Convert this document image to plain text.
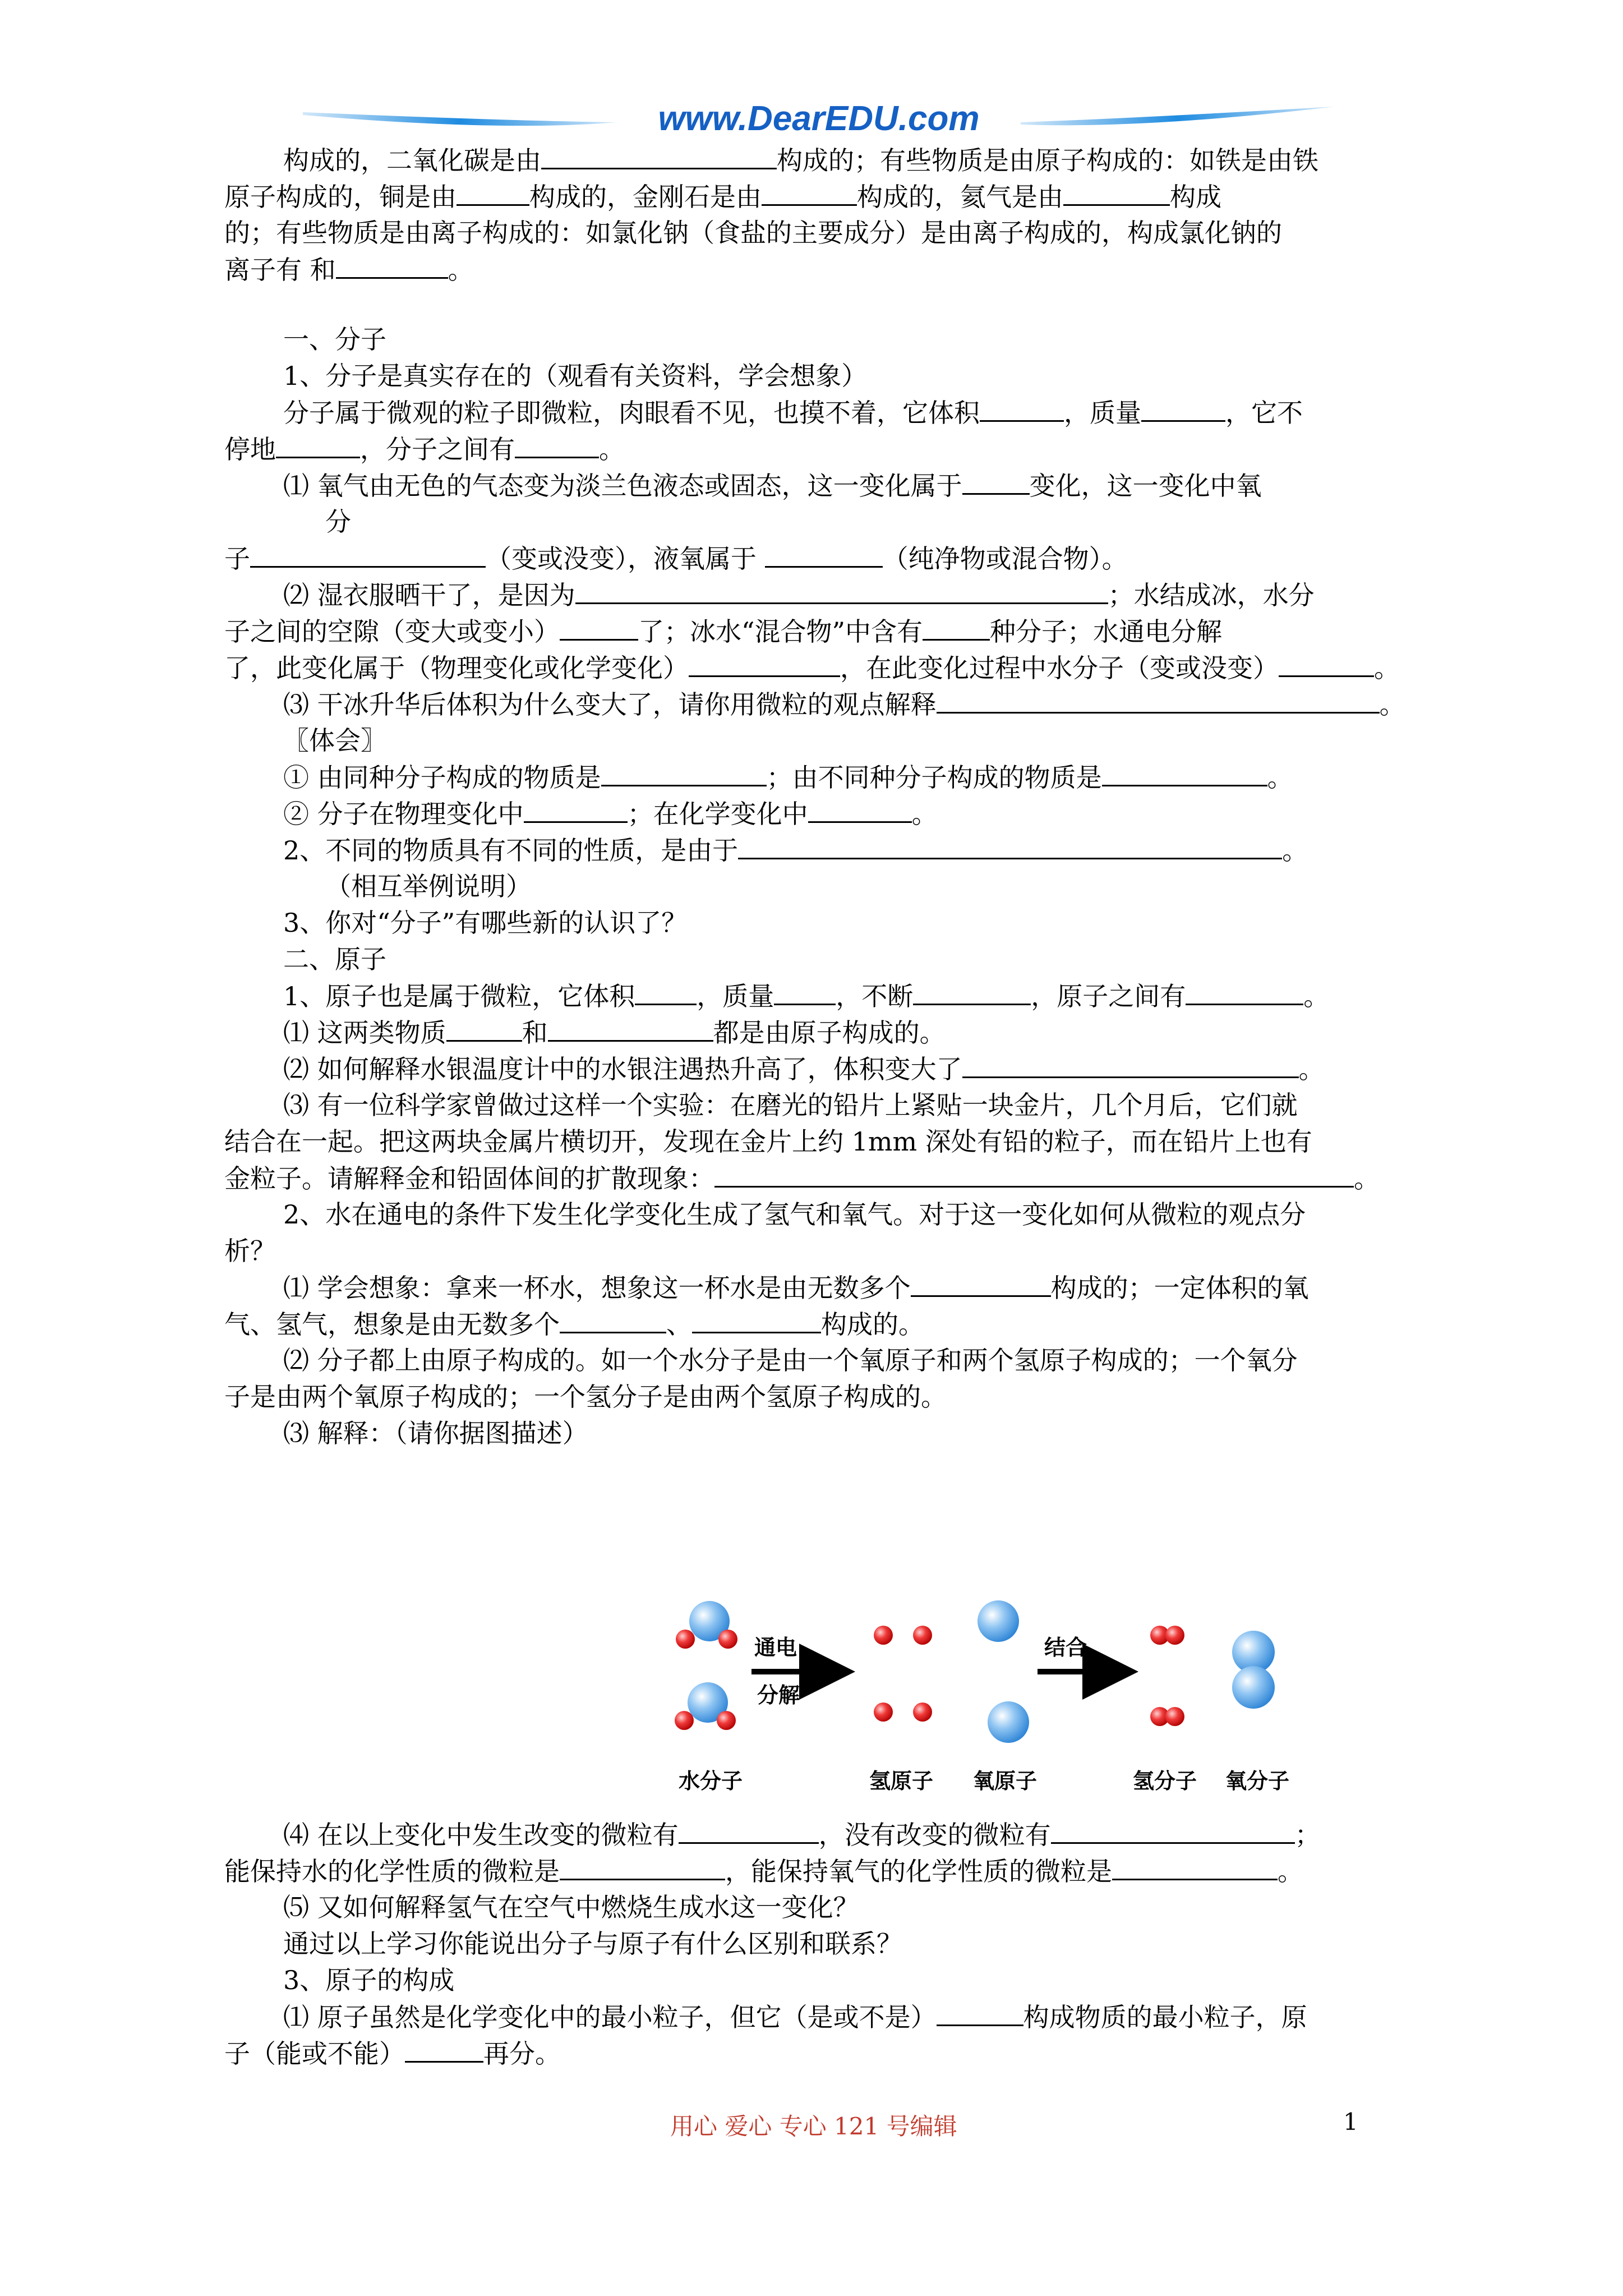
www.DearEDU.com
构成的，二氧化碳是由	构成的；有些物质是由原子构成的：如铁是由铁
原子构成的，铜是由	构成的，金刚石是由	构成的，氦气是由	构成
的；有些物质是由离子构成的：如氯化钠（食盐的主要成分）是由离子构成的，构成氯化钠的
离子有 和	。
一、分子
1、分子是真实存在的（观看有关资料，学会想象）
分子属于微观的粒子即微粒，肉眼看不见，也摸不着，它体积	，质量	，它不
停地	，分子之间有	。
⑴ 氧气由无色的气态变为淡兰色液态或固态，这一变化属于	变化，这一变化中氧
分
子	（变或没变），液氧属于	（纯净物或混合物）。
⑵ 湿衣服晒干了，是因为	；水结成冰，水分
子之间的空隙（变大或变小）	了；冰水“混合物”中含有	种分子；水通电分解
了，此变化属于（物理变化或化学变化）	，在此变化过程中水分子（变或没变）	。
⑶ 干冰升华后体积为什么变大了，请你用微粒的观点解释	。
〖体会〗
① 由同种分子构成的物质是	；由不同种分子构成的物质是	。
② 分子在物理变化中	；在化学变化中	。
2、不同的物质具有不同的性质，是由于	。
（相互举例说明）
3、你对“分子”有哪些新的认识了？
二、原子
1、原子也是属于微粒，它体积 ，质量 ，不断	，原子之间有	。
⑴ 这两类物质	和	都是由原子构成的。
⑵ 如何解释水银温度计中的水银注遇热升高了，体积变大了	。
⑶ 有一位科学家曾做过这样一个实验：在磨光的铅片上紧贴一块金片，几个月后，它们就
结合在一起。把这两块金属片横切开，发现在金片上约 1mm 深处有铅的粒子，而在铅片上也有
金粒子。请解释金和铅固体间的扩散现象：	。
2、水在通电的条件下发生化学变化生成了氢气和氧气。对于这一变化如何从微粒的观点分
析？
⑴ 学会想象：拿来一杯水，想象这一杯水是由无数多个	构成的；一定体积的氧
气、氢气，想象是由无数多个	、	构成的。
⑵ 分子都上由原子构成的。如一个水分子是由一个氧原子和两个氢原子构成的；一个氧分
子是由两个氧原子构成的；一个氢分子是由两个氢原子构成的。
⑶ 解释：（请你据图描述）
⑷ 在以上变化中发生改变的微粒有	，没有改变的微粒有	；
能保持水的化学性质的微粒是	，能保持氧气的化学性质的微粒是	。
⑸ 又如何解释氢气在空气中燃烧生成水这一变化？
通过以上学习你能说出分子与原子有什么区别和联系？
3、原子的构成
⑴ 原子虽然是化学变化中的最小粒子，但它（是或不是）	构成物质的最小粒子，原
子（能或不能）	再分。
通电
分解
结合
水分子	氢原子 氧原子	氢分子 氧分子
用心 爱心 专心 121 号编辑	1
